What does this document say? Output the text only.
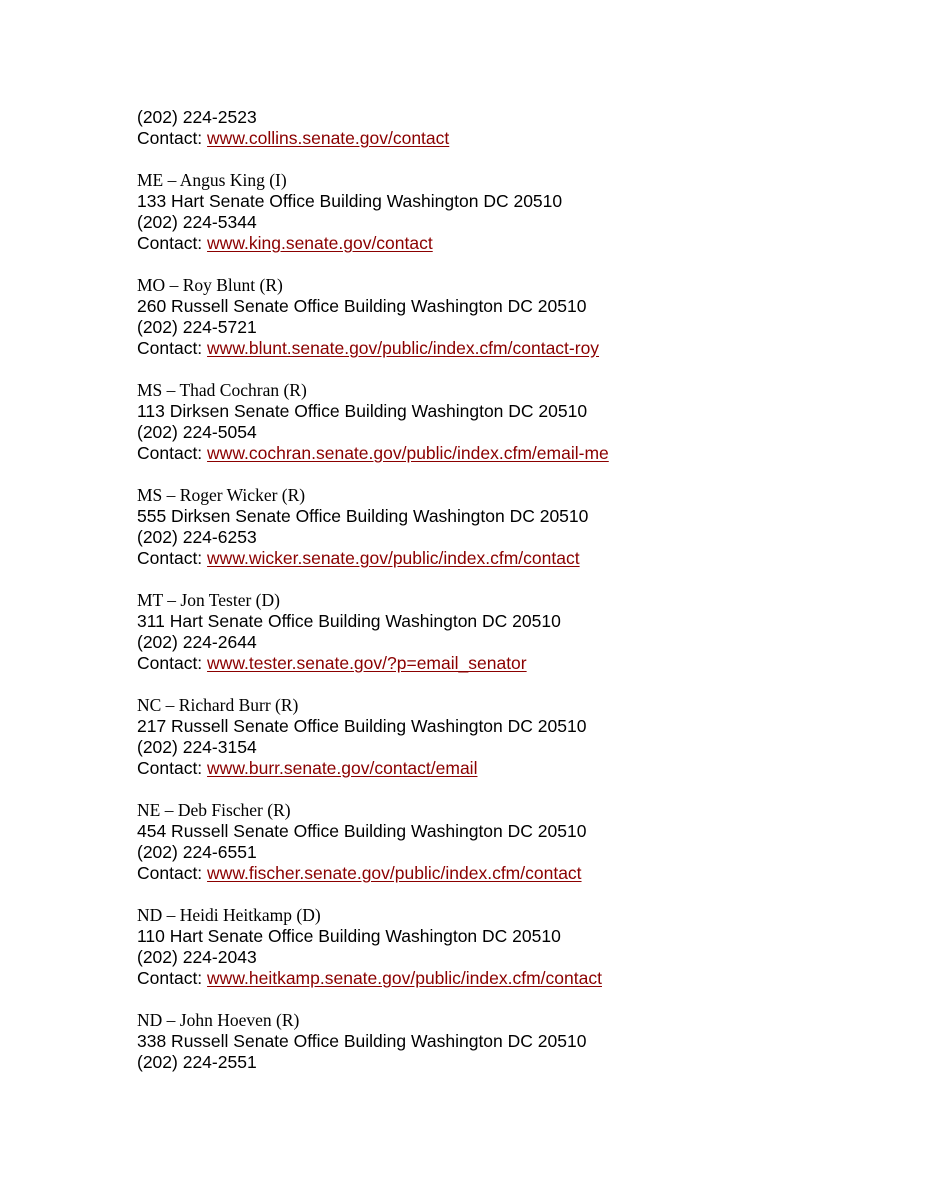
(202) 224-2523
Contact: www.collins.senate.gov/contact
ME – Angus King (I)
133 Hart Senate Office Building Washington DC 20510
(202) 224-5344
Contact: www.king.senate.gov/contact
MO – Roy Blunt (R)
260 Russell Senate Office Building Washington DC 20510
(202) 224-5721
Contact: www.blunt.senate.gov/public/index.cfm/contact-roy
MS – Thad Cochran (R)
113 Dirksen Senate Office Building Washington DC 20510
(202) 224-5054
Contact: www.cochran.senate.gov/public/index.cfm/email-me
MS – Roger Wicker (R)
555 Dirksen Senate Office Building Washington DC 20510
(202) 224-6253
Contact: www.wicker.senate.gov/public/index.cfm/contact
MT – Jon Tester (D)
311 Hart Senate Office Building Washington DC 20510
(202) 224-2644
Contact: www.tester.senate.gov/?p=email_senator
NC – Richard Burr (R)
217 Russell Senate Office Building Washington DC 20510
(202) 224-3154
Contact: www.burr.senate.gov/contact/email
NE – Deb Fischer (R)
454 Russell Senate Office Building Washington DC 20510
(202) 224-6551
Contact: www.fischer.senate.gov/public/index.cfm/contact
ND – Heidi Heitkamp (D)
110 Hart Senate Office Building Washington DC 20510
(202) 224-2043
Contact: www.heitkamp.senate.gov/public/index.cfm/contact
ND – John Hoeven (R)
338 Russell Senate Office Building Washington DC 20510
(202) 224-2551
